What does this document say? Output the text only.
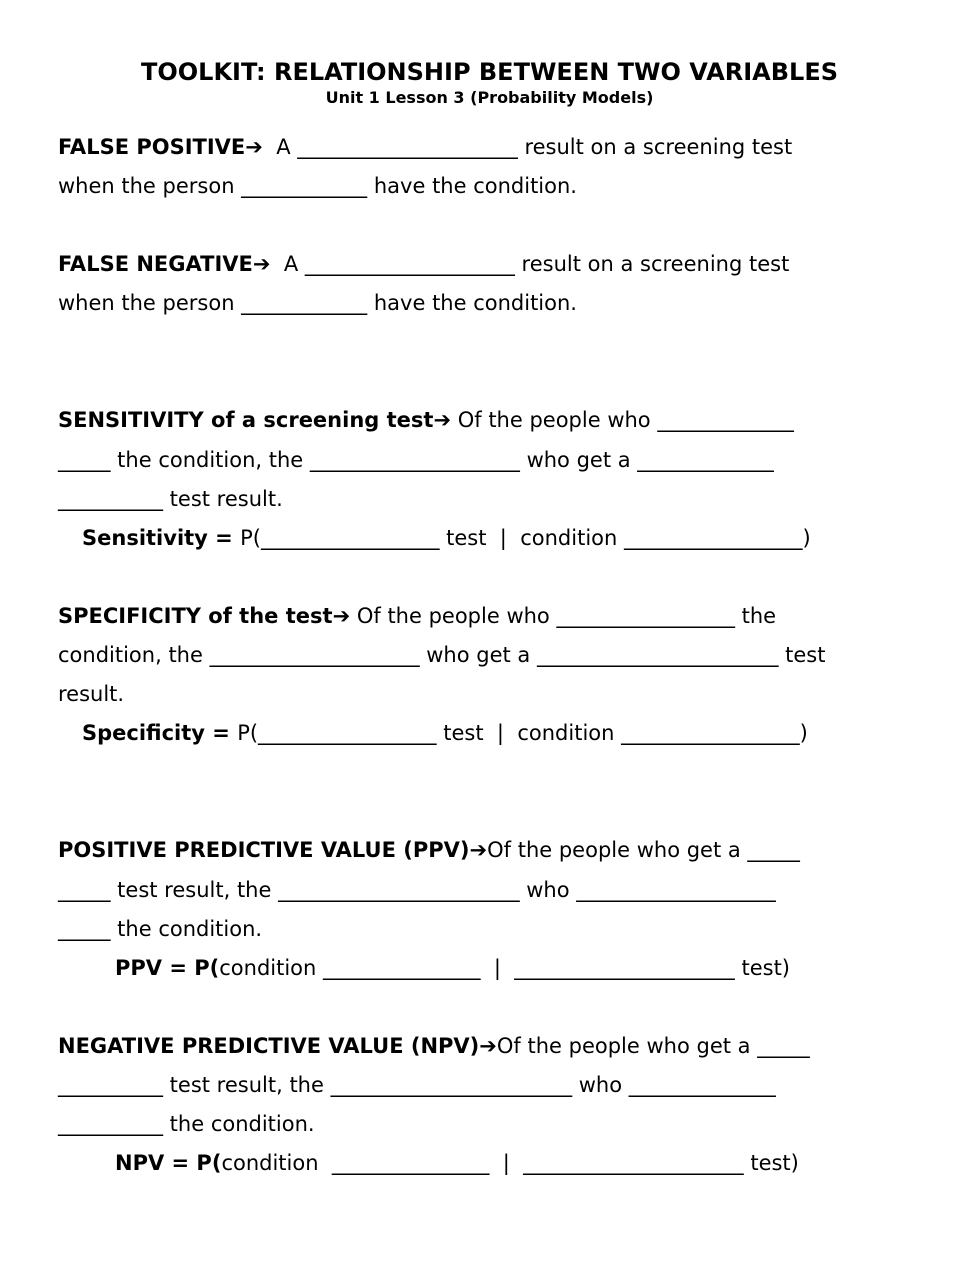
TOOLKIT: RELATIONSHIP BETWEEN TWO VARIABLES
Unit 1 Lesson 3 (Probability Models)

FALSE POSITIVE➔  A _____________________ result on a screening test

when the person ____________ have the condition.

FALSE NEGATIVE➔  A ____________________ result on a screening test

when the person ____________ have the condition.

SENSITIVITY of a screening test➔ Of the people who _____________

_____ the condition, the ____________________ who get a _____________

__________ test result.

Sensitivity = P(_________________ test  |  condition _________________)

SPECIFICITY of the test➔ Of the people who _________________ the

condition, the ____________________ who get a _______________________ test

result.

Specificity = P(_________________ test  |  condition _________________)

POSITIVE PREDICTIVE VALUE (PPV)➔Of the people who get a _____

_____ test result, the _______________________ who ___________________

_____ the condition.

PPV = P(condition _______________  |  _____________________ test)

NEGATIVE PREDICTIVE VALUE (NPV)➔Of the people who get a _____

__________ test result, the _______________________ who ______________

__________ the condition.

NPV = P(condition  _______________  |  _____________________ test)
